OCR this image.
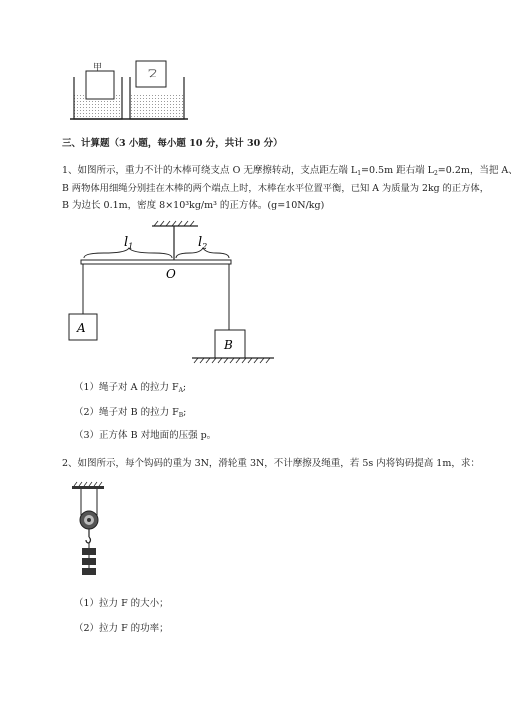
甲	乙
三、计算题（3 小题，每小题 10 分，共计 30 分）
1、如图所示，重力不计的木棒可绕支点 O 无摩擦转动，支点距左端 $L_1=0.5m$ 距右端 $L_2=0.2m$，当把 A、
B 两物体用细绳分别挂在木棒的两个端点上时，木棒在水平位置平衡，已知 A 为质量为 2kg 的正方体，
B 为边长 0.1m，密度 8×10³kg/m³ 的正方体。(g=10N/kg)
$l_1$	$l_2$
O
A
B
（1）绳子对 A 的拉力 $F_A$;
（2）绳子对 B 的拉力 $F_B$;
（3）正方体 B 对地面的压强 p。
2、如图所示，每个钩码的重为 3N，滑轮重 3N，不计摩擦及绳重，若 5s 内将钩码提高 1m，求：
（1）拉力 F 的大小；
（2）拉力 F 的功率；
